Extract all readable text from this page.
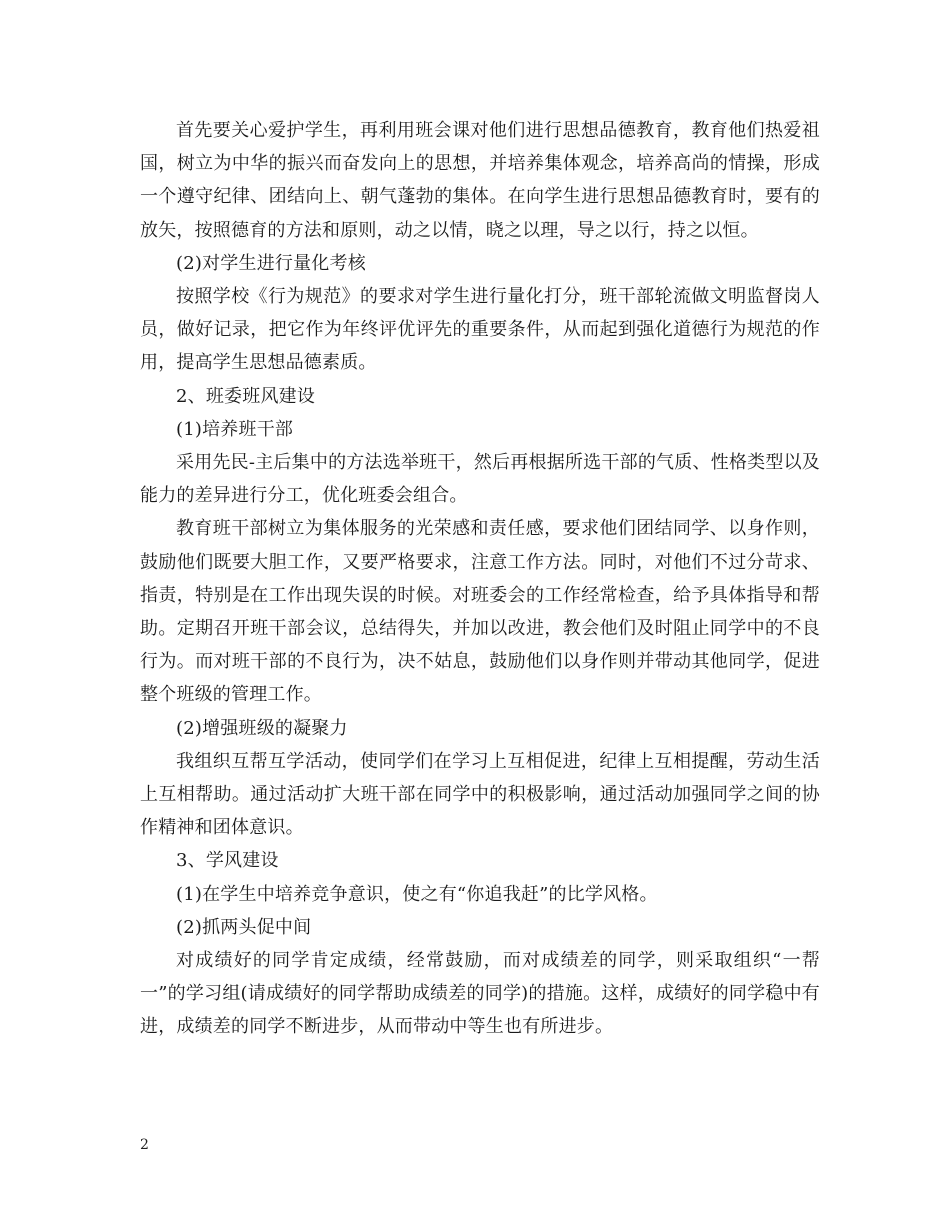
首先要关心爱护学生，再利用班会课对他们进行思想品德教育，教育他们热爱祖国，树立为中华的振兴而奋发向上的思想，并培养集体观念，培养高尚的情操，形成一个遵守纪律、团结向上、朝气蓬勃的集体。在向学生进行思想品德教育时，要有的放矢，按照德育的方法和原则，动之以情，晓之以理，导之以行，持之以恒。

(2)对学生进行量化考核

按照学校《行为规范》的要求对学生进行量化打分，班干部轮流做文明监督岗人员，做好记录，把它作为年终评优评先的重要条件，从而起到强化道德行为规范的作用，提高学生思想品德素质。

2、班委班风建设

(1)培养班干部

采用先民-主后集中的方法选举班干，然后再根据所选干部的气质、性格类型以及能力的差异进行分工，优化班委会组合。

教育班干部树立为集体服务的光荣感和责任感，要求他们团结同学、以身作则，鼓励他们既要大胆工作，又要严格要求，注意工作方法。同时，对他们不过分苛求、指责，特别是在工作出现失误的时候。对班委会的工作经常检查，给予具体指导和帮助。定期召开班干部会议，总结得失，并加以改进，教会他们及时阻止同学中的不良行为。而对班干部的不良行为，决不姑息，鼓励他们以身作则并带动其他同学，促进整个班级的管理工作。

(2)增强班级的凝聚力

我组织互帮互学活动，使同学们在学习上互相促进，纪律上互相提醒，劳动生活上互相帮助。通过活动扩大班干部在同学中的积极影响，通过活动加强同学之间的协作精神和团体意识。

3、学风建设

(1)在学生中培养竞争意识，使之有“你追我赶”的比学风格。

(2)抓两头促中间

对成绩好的同学肯定成绩，经常鼓励，而对成绩差的同学，则采取组织“一帮一”的学习组(请成绩好的同学帮助成绩差的同学)的措施。这样，成绩好的同学稳中有进，成绩差的同学不断进步，从而带动中等生也有所进步。

2
